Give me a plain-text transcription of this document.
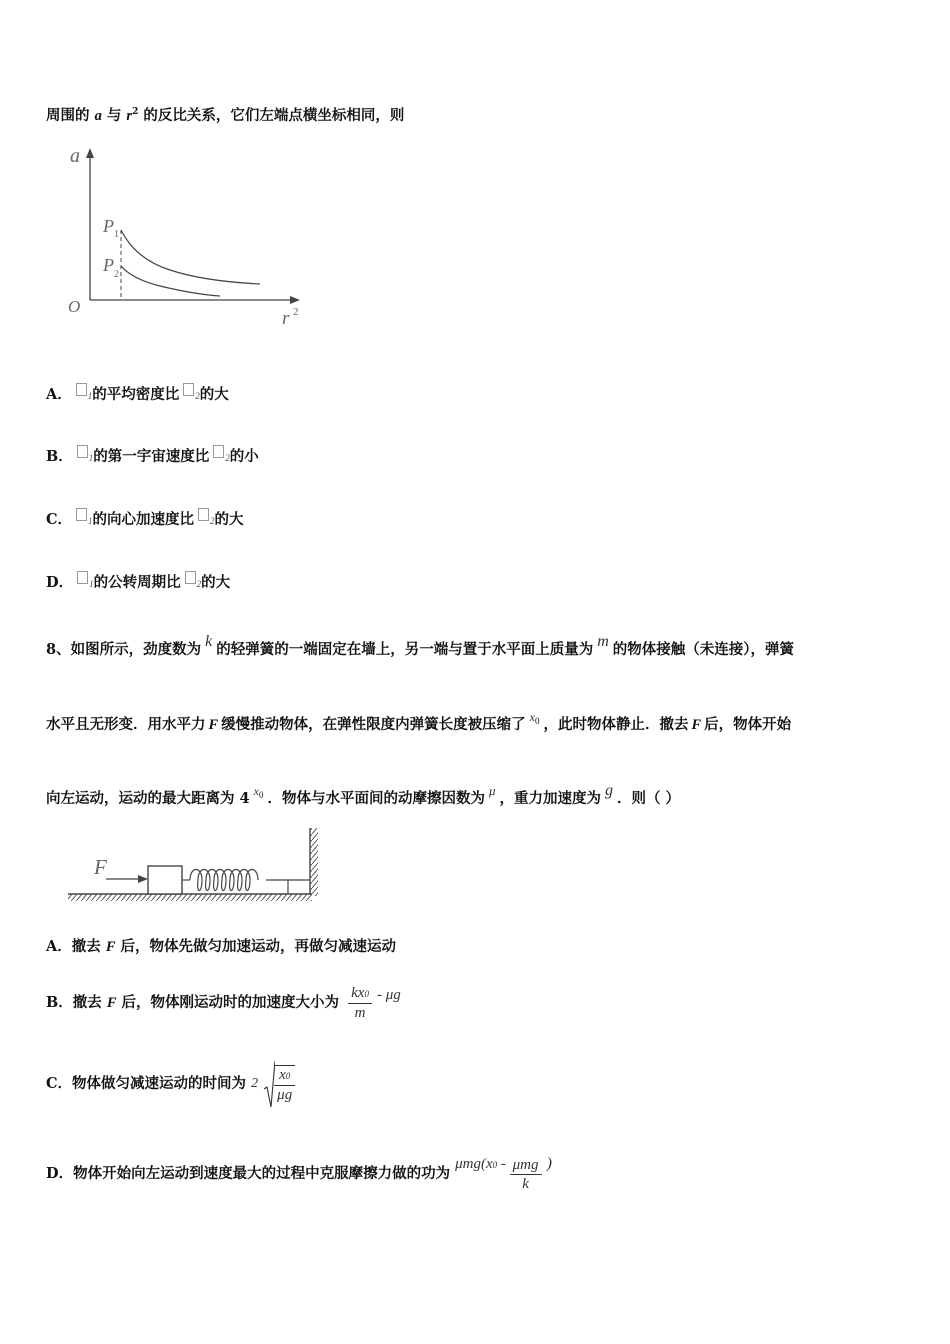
周围的 a 与 $r^2$ 的反比关系，它们左端点横坐标相同，则
a
O
r 2
P 1
P 2
A． 1的平均密度比 2的大
B． 1的第一宇宙速度比 2的小
C． 1的向心加速度比 2的大
D． 1的公转周期比 2的大
8、如图所示，劲度数为 k 的轻弹簧的一端固定在墙上，另一端与置于水平面上质量为 m 的物体接触（未连接），弹簧
水平且无形变．用水平力 F 缓慢推动物体，在弹性限度内弹簧长度被压缩了 $^{x0}$ ，此时物体静止．撤去 F 后，物体开始
向左运动，运动的最大距离为 4 $^{x0}$ ．物体与水平面间的动摩擦因数为 μ ，重力加速度为 g ．则（ ）
F
A．撤去 F 后，物体先做匀加速运动，再做匀减速运动
B．撤去 F 后，物体刚运动时的加速度大小为 $\frac{kx0}{m}$ - μg
C．物体做匀减速运动的时间为 $2 \frac{x0}{\mu g}$
D．物体开始向左运动到速度最大的过程中克服摩擦力做的功为 $\mu mg(x0 - \frac{\text{μmg}}{k}$ )
